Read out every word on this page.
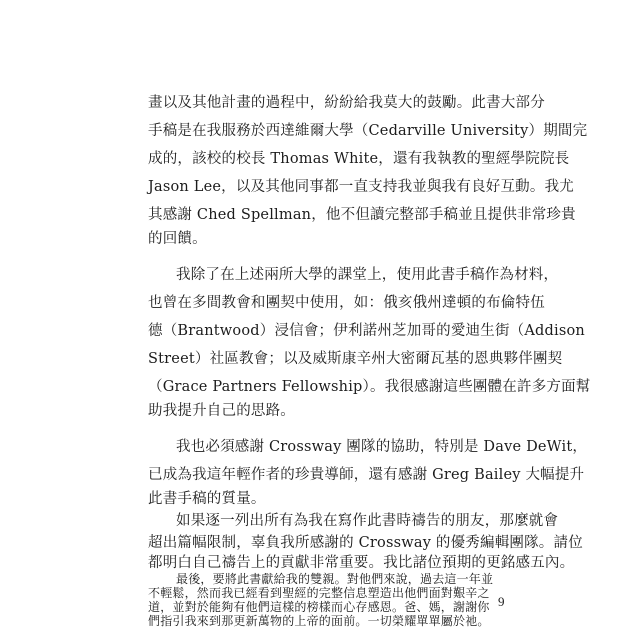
畫以及其他計畫的過程中，紛紛給我莫大的鼓勵。此書大部分
手稿是在我服務於西達維爾大學（Cedarville University）期間完
成的，該校的校長 Thomas White，還有我執教的聖經學院院長
Jason Lee，以及其他同事都一直支持我並與我有良好互動。我尤
其感謝 Ched Spellman，他不但讀完整部手稿並且提供非常珍貴
的回饋。
我除了在上述兩所大學的課堂上，使用此書手稿作為材料，
也曾在多間教會和團契中使用，如：俄亥俄州達頓的布倫特伍
德（Brantwood）浸信會；伊利諾州芝加哥的愛迪生街（Addison
Street）社區教會；以及威斯康辛州大密爾瓦基的恩典夥伴團契
（Grace Partners Fellowship）。我很感謝這些團體在許多方面幫
助我提升自己的思路。
我也必須感謝 Crossway 團隊的協助，特別是 Dave DeWit，
已成為我這年輕作者的珍貴導師，還有感謝 Greg Bailey 大幅提升
此書手稿的質量。
如果逐一列出所有為我在寫作此書時禱告的朋友，那麼就會
超出篇幅限制，辜負我所感謝的 Crossway 的優秀編輯團隊。請位
都明白自己禱告上的貢獻非常重要。我比諸位預期的更銘感五內。
最後，要將此書獻給我的雙親。對他們來說，過去這一年並
不輕鬆，然而我已經看到聖經的完整信息塑造出他們面對艱辛之
道，並對於能夠有他們這樣的榜樣而心存感恩。爸、媽，謝謝你
們指引我來到那更新萬物的上帝的面前。一切榮耀單單屬於祂。
9
